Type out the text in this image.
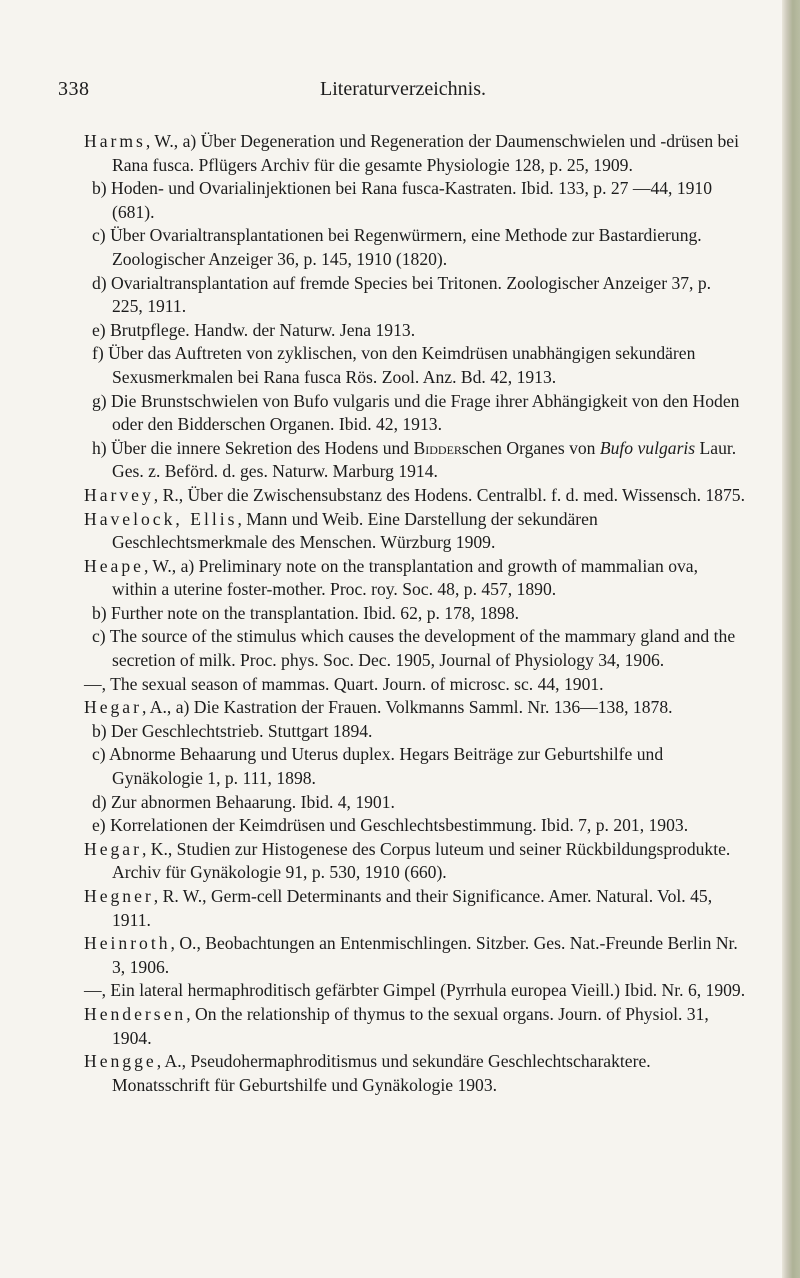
Literaturverzeichnis.
338

Harms, W., a) Über Degeneration und Regeneration der Daumenschwielen und -drüsen bei Rana fusca. Pflügers Archiv für die gesamte Physiologie 128, p. 25, 1909.

b) Hoden- und Ovarialinjektionen bei Rana fusca-Kastraten. Ibid. 133, p. 27 —44, 1910 (681).

c) Über Ovarialtransplantationen bei Regenwürmern, eine Methode zur Bastardierung. Zoologischer Anzeiger 36, p. 145, 1910 (1820).

d) Ovarialtransplantation auf fremde Species bei Tritonen. Zoologischer Anzeiger 37, p. 225, 1911.

e) Brutpflege. Handw. der Naturw. Jena 1913.

f) Über das Auftreten von zyklischen, von den Keimdrüsen unabhängigen sekundären Sexusmerkmalen bei Rana fusca Rös. Zool. Anz. Bd. 42, 1913.

g) Die Brunstschwielen von Bufo vulgaris und die Frage ihrer Abhängigkeit von den Hoden oder den Bidderschen Organen. Ibid. 42, 1913.

h) Über die innere Sekretion des Hodens und Bidderschen Organes von Bufo vulgaris Laur. Ges. z. Beförd. d. ges. Naturw. Marburg 1914.

Harvey, R., Über die Zwischensubstanz des Hodens. Centralbl. f. d. med. Wissensch. 1875.

Havelock, Ellis, Mann und Weib. Eine Darstellung der sekundären Geschlechtsmerkmale des Menschen. Würzburg 1909.

Heape, W., a) Preliminary note on the transplantation and growth of mammalian ova, within a uterine foster-mother. Proc. roy. Soc. 48, p. 457, 1890.

b) Further note on the transplantation. Ibid. 62, p. 178, 1898.

c) The source of the stimulus which causes the development of the mammary gland and the secretion of milk. Proc. phys. Soc. Dec. 1905, Journal of Physiology 34, 1906.

—, The sexual season of mammas. Quart. Journ. of microsc. sc. 44, 1901.

Hegar, A., a) Die Kastration der Frauen. Volkmanns Samml. Nr. 136—138, 1878.

b) Der Geschlechtstrieb. Stuttgart 1894.

c) Abnorme Behaarung und Uterus duplex. Hegars Beiträge zur Geburtshilfe und Gynäkologie 1, p. 111, 1898.

d) Zur abnormen Behaarung. Ibid. 4, 1901.

e) Korrelationen der Keimdrüsen und Geschlechtsbestimmung. Ibid. 7, p. 201, 1903.

Hegar, K., Studien zur Histogenese des Corpus luteum und seiner Rückbildungsprodukte. Archiv für Gynäkologie 91, p. 530, 1910 (660).

Hegner, R. W., Germ-cell Determinants and their Significance. Amer. Natural. Vol. 45, 1911.

Heinroth, O., Beobachtungen an Entenmischlingen. Sitzber. Ges. Nat.-Freunde Berlin Nr. 3, 1906.

—, Ein lateral hermaphroditisch gefärbter Gimpel (Pyrrhula europea Vieill.) Ibid. Nr. 6, 1909.

Hendersen, On the relationship of thymus to the sexual organs. Journ. of Physiol. 31, 1904.

Hengge, A., Pseudohermaphroditismus und sekundäre Geschlechtscharaktere. Monatsschrift für Geburtshilfe und Gynäkologie 1903.
